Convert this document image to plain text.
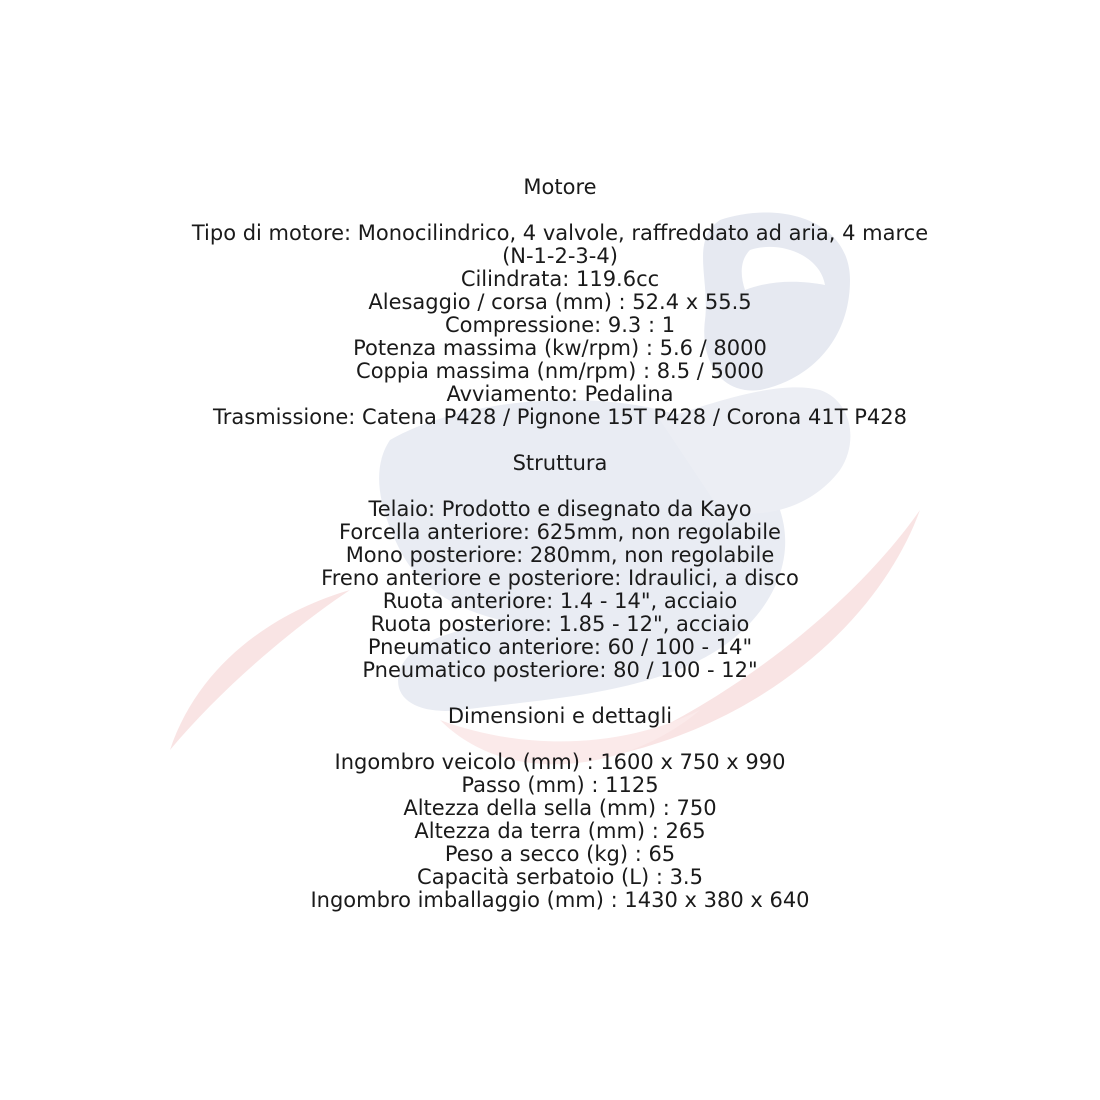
Motore
Tipo di motore: Monocilindrico, 4 valvole, raffreddato ad aria, 4 marce (N-1-2-3-4)
Cilindrata: 119.6cc
Alesaggio / corsa (mm) : 52.4 x 55.5
Compressione: 9.3 : 1
Potenza massima (kw/rpm) : 5.6 / 8000
Coppia massima (nm/rpm) : 8.5 / 5000
Avviamento: Pedalina
Trasmissione: Catena P428 / Pignone 15T P428 / Corona 41T P428
Struttura
Telaio: Prodotto e disegnato da Kayo
Forcella anteriore: 625mm, non regolabile
Mono posteriore: 280mm, non regolabile
Freno anteriore e posteriore: Idraulici, a disco
Ruota anteriore: 1.4 - 14", acciaio
Ruota posteriore: 1.85 - 12", acciaio
Pneumatico anteriore: 60 / 100 - 14"
Pneumatico posteriore: 80 / 100 - 12"
Dimensioni e dettagli
Ingombro veicolo (mm) : 1600 x 750 x 990
Passo (mm) : 1125
Altezza della sella (mm) : 750
Altezza da terra (mm) : 265
Peso a secco (kg) : 65
Capacità serbatoio (L) : 3.5
Ingombro imballaggio (mm) : 1430 x 380 x 640
